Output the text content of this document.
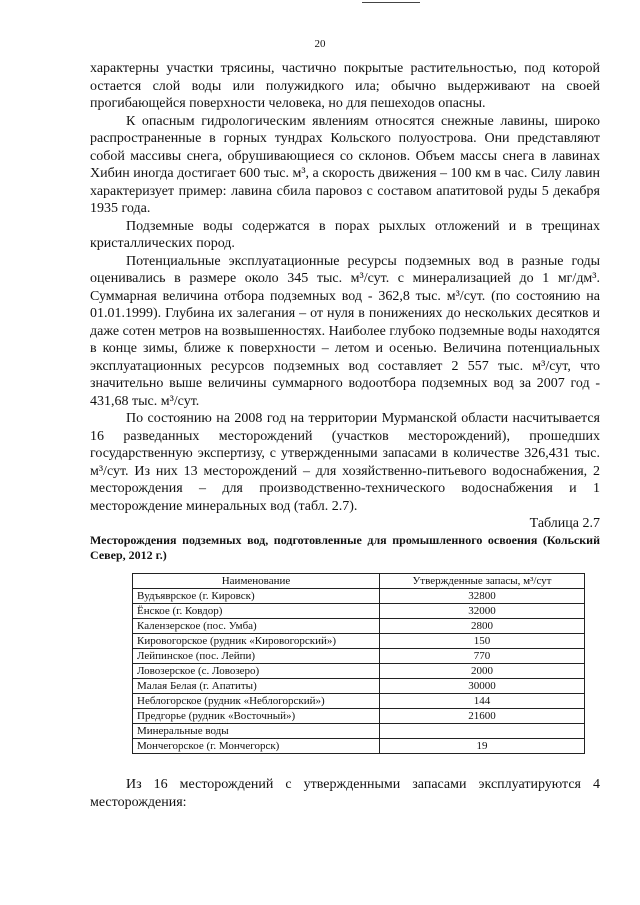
20

характерны участки трясины, частично покрытые растительностью, под которой остается слой воды или полужидкого ила; обычно выдерживают на своей прогибающейся поверхности человека, но для пешеходов опасны.

К опасным гидрологическим явлениям относятся снежные лавины, широко распространенные в горных тундрах Кольского полуострова. Они представляют собой массивы снега, обрушивающиеся со склонов. Объем массы снега в лавинах Хибин иногда достигает 600 тыс. м³, а скорость движения – 100 км в час. Силу лавин характеризует пример: лавина сбила паровоз с составом апатитовой руды 5 декабря 1935 года.

Подземные воды содержатся в порах рыхлых отложений и в трещинах кристаллических пород.

Потенциальные эксплуатационные ресурсы подземных вод в разные годы оценивались в размере около 345 тыс. м³/сут. с минерализацией до 1 мг/дм³. Суммарная величина отбора подземных вод - 362,8 тыс. м³/сут. (по состоянию на 01.01.1999). Глубина их залегания – от нуля в понижениях до нескольких десятков и даже сотен метров на возвышенностях. Наиболее глубоко подземные воды находятся в конце зимы, ближе к поверхности – летом и осенью. Величина потенциальных эксплуатационных ресурсов подземных вод составляет 2 557 тыс. м³/сут, что значительно выше величины суммарного водоотбора подземных вод за 2007 год - 431,68 тыс. м³/сут.

По состоянию на 2008 год на территории Мурманской области насчитывается 16 разведанных месторождений (участков месторождений), прошедших государственную экспертизу, с утвержденными запасами в количестве 326,431 тыс. м³/сут. Из них 13 месторождений – для хозяйственно-питьевого водоснабжения, 2 месторождения – для производственно-технического водоснабжения и 1 месторождение минеральных вод (табл. 2.7).

Таблица 2.7

Месторождения подземных вод, подготовленные для промышленного освоения (Кольский Север, 2012 г.)

Наименование	Утвержденные запасы, м³/сут
Вудъяврское (г. Кировск)	32800
Ёнское (г. Ковдор)	32000
Калензерское (пос. Умба)	2800
Кировогорское (рудник «Кировогорский»)	150
Лейпинское (пос. Лейпи)	770
Ловозерское (с. Ловозеро)	2000
Малая Белая (г. Апатиты)	30000
Неблогорское (рудник «Неблогорский»)	144
Предгорье (рудник «Восточный»)	21600
Минеральные воды	
Мончегорское (г. Мончегорск)	19

Из 16 месторождений с утвержденными запасами эксплуатируются 4 месторождения:
